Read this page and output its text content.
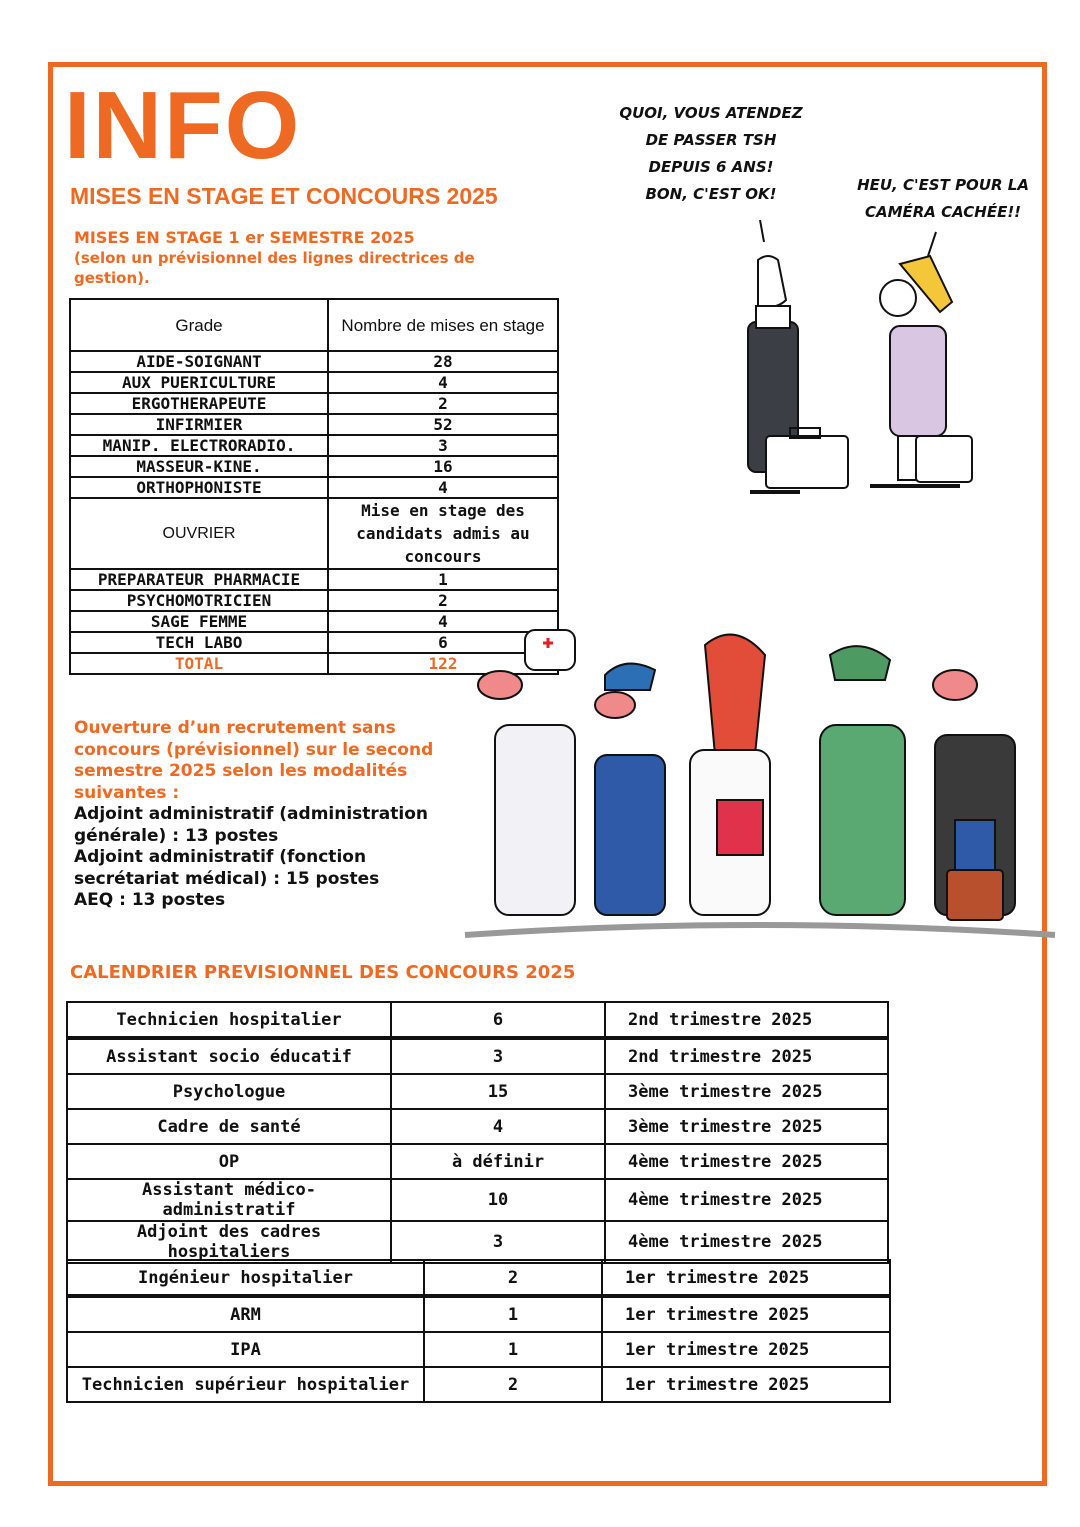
INFO
MISES EN STAGE ET CONCOURS 2025
QUOI, VOUS ATENDEZ
DE PASSER TSH
DEPUIS 6 ANS!
BON, C'EST OK!	HEU, C'EST POUR LA
CAMÉRA CACHÉE!!
MISES EN STAGE 1 er SEMESTRE 2025
(selon un prévisionnel des lignes directrices de gestion).
Grade	Nombre de mises en stage
AIDE-SOIGNANT	28
AUX PUERICULTURE	4
ERGOTHERAPEUTE	2
INFIRMIER	52
MANIP. ELECTRORADIO.	3
MASSEUR-KINE.	16
ORTHOPHONISTE	4
OUVRIER	Mise en stage des candidats admis au concours
PREPARATEUR PHARMACIE	1
PSYCHOMOTRICIEN	2
SAGE FEMME	4
TECH LABO	6
TOTAL	122
Ouverture d’un recrutement sans concours (prévisionnel) sur le second semestre 2025 selon les modalités suivantes :
Adjoint administratif (administration générale) : 13 postes
Adjoint administratif (fonction secrétariat médical) : 15 postes
AEQ : 13 postes
CALENDRIER PREVISIONNEL DES CONCOURS 2025
Technicien hospitalier	6	2nd trimestre 2025
Assistant socio éducatif	3	2nd trimestre 2025
Psychologue	15	3ème trimestre 2025
Cadre de santé	4	3ème trimestre 2025
OP	à définir	4ème trimestre 2025
Assistant médico-administratif	10	4ème trimestre 2025
Adjoint des cadres hospitaliers	3	4ème trimestre 2025
Ingénieur hospitalier	2	1er trimestre 2025
ARM	1	1er trimestre 2025
IPA	1	1er trimestre 2025
Technicien supérieur hospitalier	2	1er trimestre 2025
